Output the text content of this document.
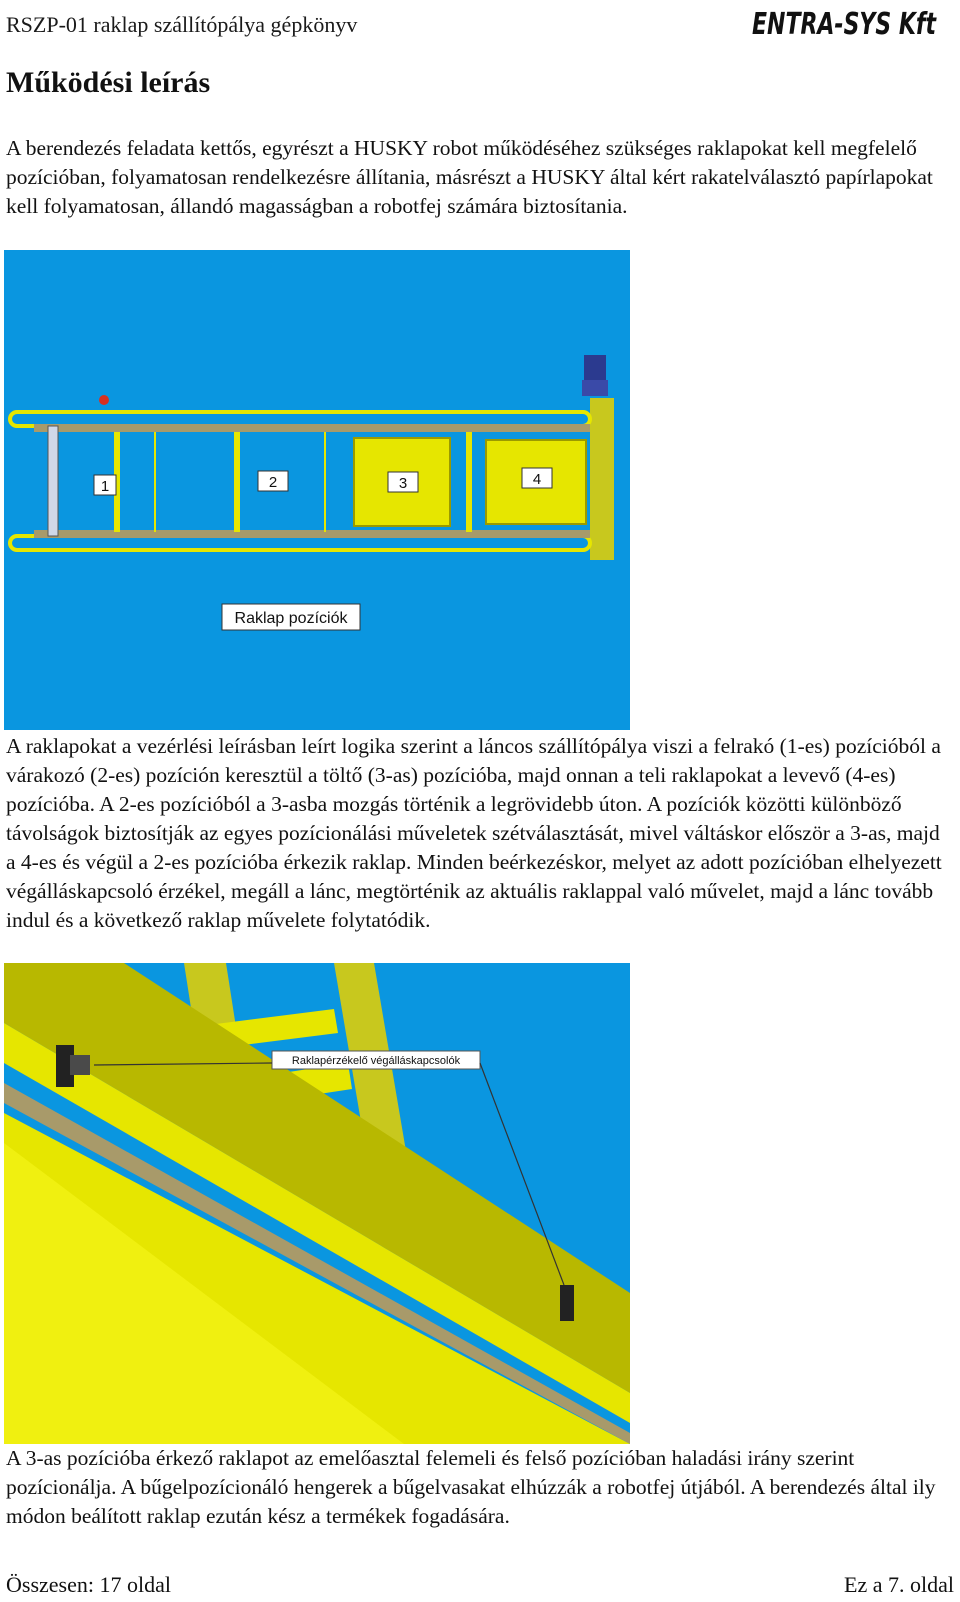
RSZP-01 raklap szállítópálya gépkönyv	ENTRA-SYS Kft
Működési leírás

A berendezés feladata kettős, egyrészt a HUSKY robot működéséhez szükséges raklapokat kell megfelelő pozícióban, folyamatosan rendelkezésre állítania, másrészt a HUSKY által kért rakatelválasztó papírlapokat kell folyamatosan, állandó magasságban a robotfej számára biztosítania.

1	2	3	4
Raklap pozíciók

A raklapokat a vezérlési leírásban leírt logika szerint a láncos szállítópálya viszi a felrakó (1-es) pozícióból a várakozó (2-es) pozíción keresztül a töltő (3-as) pozícióba, majd onnan a teli raklapokat a levevő (4-es) pozícióba. A 2-es pozícióból a 3-asba mozgás történik a legrövidebb úton. A pozíciók közötti különböző távolságok biztosítják az egyes pozícionálási műveletek szétválasztását, mivel váltáskor először a 3-as, majd a 4-es és végül a 2-es pozícióba érkezik raklap. Minden beérkezéskor, melyet az adott pozícióban elhelyezett végálláskapcsoló érzékel, megáll a lánc, megtörténik az aktuális raklappal való művelet, majd a lánc tovább indul és a következő raklap művelete folytatódik.

Raklapérzékelő végálláskapcsolók

A 3-as pozícióba érkező raklapot az emelőasztal felemeli és felső pozícióban haladási irány szerint pozícionálja. A bűgelpozícionáló hengerek a bűgelvasakat elhúzzák a robotfej útjából. A berendezés által ily módon beálított raklap ezután kész a termékek fogadására.

Összesen: 17 oldal	Ez a 7. oldal
